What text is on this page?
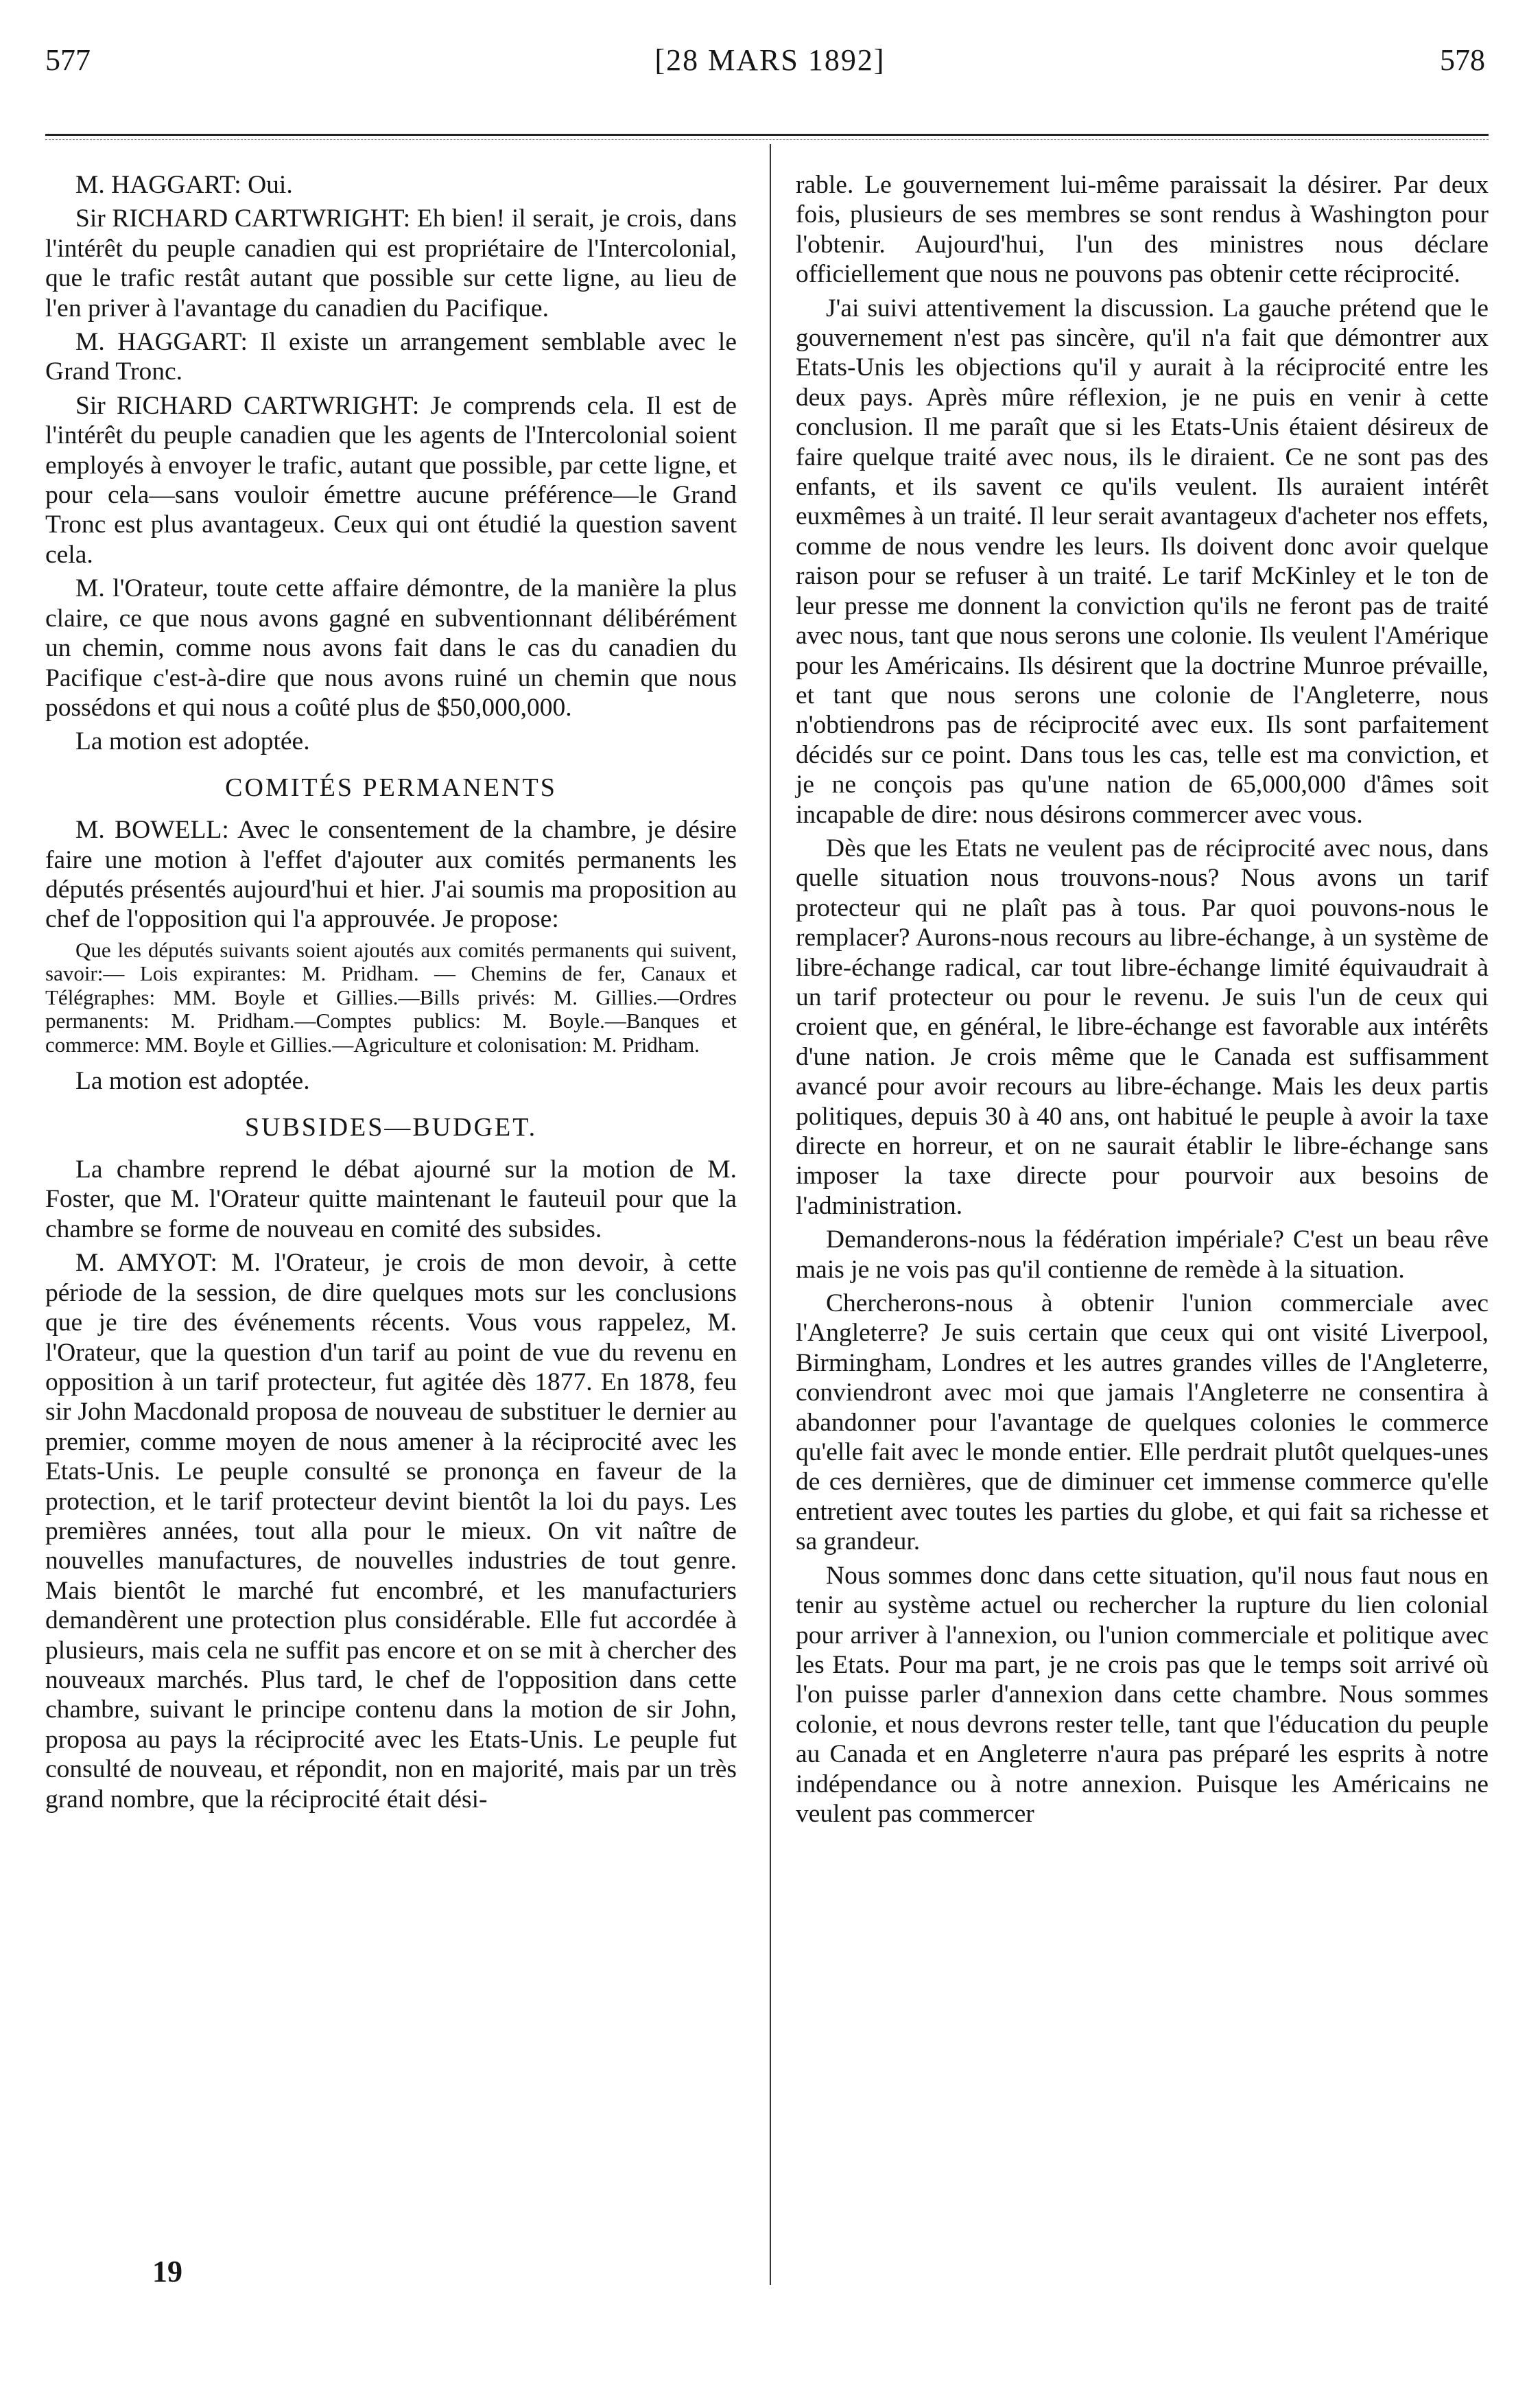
577	[28 MARS 1892]	578

M. HAGGART: Oui.

Sir RICHARD CARTWRIGHT: Eh bien! il serait, je crois, dans l'intérêt du peuple canadien qui est propriétaire de l'Intercolonial, que le trafic restât autant que possible sur cette ligne, au lieu de l'en priver à l'avantage du canadien du Pacifique.

M. HAGGART: Il existe un arrangement semblable avec le Grand Tronc.

Sir RICHARD CARTWRIGHT: Je comprends cela. Il est de l'intérêt du peuple canadien que les agents de l'Intercolonial soient employés à envoyer le trafic, autant que possible, par cette ligne, et pour cela—sans vouloir émettre aucune préférence—le Grand Tronc est plus avantageux. Ceux qui ont étudié la question savent cela.

M. l'Orateur, toute cette affaire démontre, de la manière la plus claire, ce que nous avons gagné en subventionnant délibérément un chemin, comme nous avons fait dans le cas du canadien du Pacifique c'est-à-dire que nous avons ruiné un chemin que nous possédons et qui nous a coûté plus de $50,000,000.

La motion est adoptée.

COMITÉS PERMANENTS

M. BOWELL: Avec le consentement de la chambre, je désire faire une motion à l'effet d'ajouter aux comités permanents les députés présentés aujourd'hui et hier. J'ai soumis ma proposition au chef de l'opposition qui l'a approuvée. Je propose:

Que les députés suivants soient ajoutés aux comités permanents qui suivent, savoir:— Lois expirantes: M. Pridham. — Chemins de fer, Canaux et Télégraphes: MM. Boyle et Gillies.—Bills privés: M. Gillies.—Ordres permanents: M. Pridham.—Comptes publics: M. Boyle.—Banques et commerce: MM. Boyle et Gillies.—Agriculture et colonisation: M. Pridham.

La motion est adoptée.

SUBSIDES—BUDGET.

La chambre reprend le débat ajourné sur la motion de M. Foster, que M. l'Orateur quitte maintenant le fauteuil pour que la chambre se forme de nouveau en comité des subsides.

M. AMYOT: M. l'Orateur, je crois de mon devoir, à cette période de la session, de dire quelques mots sur les conclusions que je tire des événements récents. Vous vous rappelez, M. l'Orateur, que la question d'un tarif au point de vue du revenu en opposition à un tarif protecteur, fut agitée dès 1877. En 1878, feu sir John Macdonald proposa de nouveau de substituer le dernier au premier, comme moyen de nous amener à la réciprocité avec les Etats-Unis. Le peuple consulté se prononça en faveur de la protection, et le tarif protecteur devint bientôt la loi du pays. Les premières années, tout alla pour le mieux. On vit naître de nouvelles manufactures, de nouvelles industries de tout genre. Mais bientôt le marché fut encombré, et les manufacturiers demandèrent une protection plus considérable. Elle fut accordée à plusieurs, mais cela ne suffit pas encore et on se mit à chercher des nouveaux marchés. Plus tard, le chef de l'opposition dans cette chambre, suivant le principe contenu dans la motion de sir John, proposa au pays la réciprocité avec les Etats-Unis. Le peuple fut consulté de nouveau, et répondit, non en majorité, mais par un très grand nombre, que la réciprocité était dési-

rable. Le gouvernement lui-même paraissait la désirer. Par deux fois, plusieurs de ses membres se sont rendus à Washington pour l'obtenir. Aujourd'hui, l'un des ministres nous déclare officiellement que nous ne pouvons pas obtenir cette réciprocité.

J'ai suivi attentivement la discussion. La gauche prétend que le gouvernement n'est pas sincère, qu'il n'a fait que démontrer aux Etats-Unis les objections qu'il y aurait à la réciprocité entre les deux pays. Après mûre réflexion, je ne puis en venir à cette conclusion. Il me paraît que si les Etats-Unis étaient désireux de faire quelque traité avec nous, ils le diraient. Ce ne sont pas des enfants, et ils savent ce qu'ils veulent. Ils auraient intérêt euxmêmes à un traité. Il leur serait avantageux d'acheter nos effets, comme de nous vendre les leurs. Ils doivent donc avoir quelque raison pour se refuser à un traité. Le tarif McKinley et le ton de leur presse me donnent la conviction qu'ils ne feront pas de traité avec nous, tant que nous serons une colonie. Ils veulent l'Amérique pour les Américains. Ils désirent que la doctrine Munroe prévaille, et tant que nous serons une colonie de l'Angleterre, nous n'obtiendrons pas de réciprocité avec eux. Ils sont parfaitement décidés sur ce point. Dans tous les cas, telle est ma conviction, et je ne conçois pas qu'une nation de 65,000,000 d'âmes soit incapable de dire: nous désirons commercer avec vous.

Dès que les Etats ne veulent pas de réciprocité avec nous, dans quelle situation nous trouvons-nous? Nous avons un tarif protecteur qui ne plaît pas à tous. Par quoi pouvons-nous le remplacer? Aurons-nous recours au libre-échange, à un système de libre-échange radical, car tout libre-échange limité équivaudrait à un tarif protecteur ou pour le revenu. Je suis l'un de ceux qui croient que, en général, le libre-échange est favorable aux intérêts d'une nation. Je crois même que le Canada est suffisamment avancé pour avoir recours au libre-échange. Mais les deux partis politiques, depuis 30 à 40 ans, ont habitué le peuple à avoir la taxe directe en horreur, et on ne saurait établir le libre-échange sans imposer la taxe directe pour pourvoir aux besoins de l'administration.

Demanderons-nous la fédération impériale? C'est un beau rêve mais je ne vois pas qu'il contienne de remède à la situation.

Chercherons-nous à obtenir l'union commerciale avec l'Angleterre? Je suis certain que ceux qui ont visité Liverpool, Birmingham, Londres et les autres grandes villes de l'Angleterre, conviendront avec moi que jamais l'Angleterre ne consentira à abandonner pour l'avantage de quelques colonies le commerce qu'elle fait avec le monde entier. Elle perdrait plutôt quelques-unes de ces dernières, que de diminuer cet immense commerce qu'elle entretient avec toutes les parties du globe, et qui fait sa richesse et sa grandeur.

Nous sommes donc dans cette situation, qu'il nous faut nous en tenir au système actuel ou rechercher la rupture du lien colonial pour arriver à l'annexion, ou l'union commerciale et politique avec les Etats. Pour ma part, je ne crois pas que le temps soit arrivé où l'on puisse parler d'annexion dans cette chambre. Nous sommes colonie, et nous devrons rester telle, tant que l'éducation du peuple au Canada et en Angleterre n'aura pas préparé les esprits à notre indépendance ou à notre annexion. Puisque les Américains ne veulent pas commercer

19
